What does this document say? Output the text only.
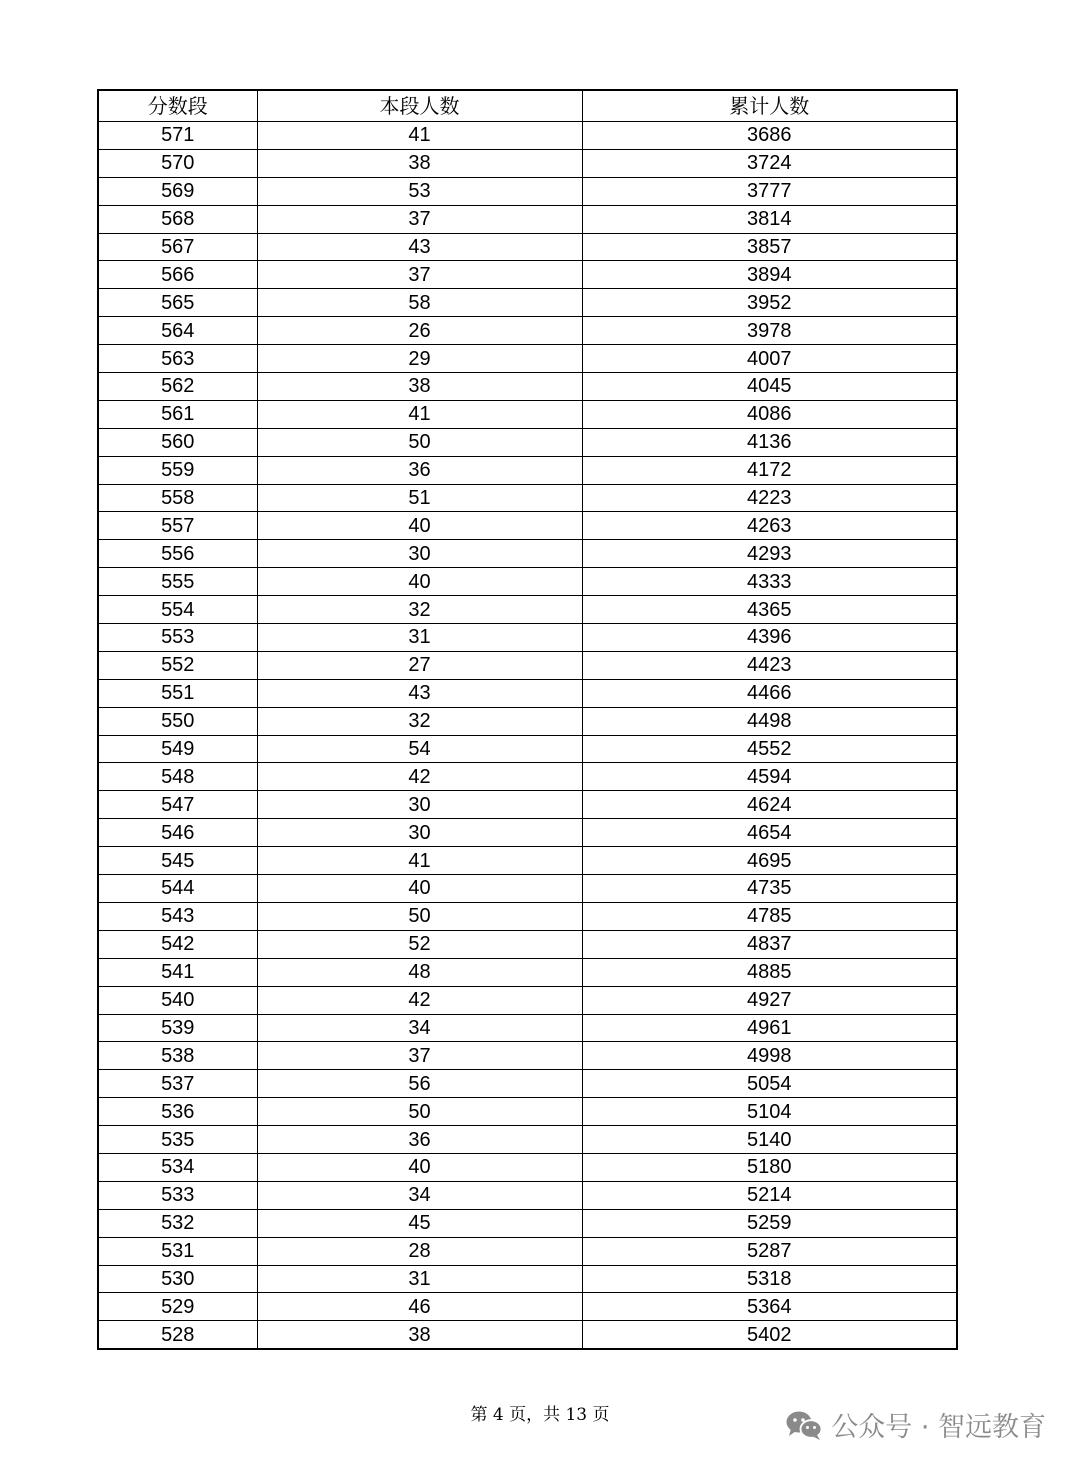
分数段	本段人数	累计人数
571	41	3686
570	38	3724
569	53	3777
568	37	3814
567	43	3857
566	37	3894
565	58	3952
564	26	3978
563	29	4007
562	38	4045
561	41	4086
560	50	4136
559	36	4172
558	51	4223
557	40	4263
556	30	4293
555	40	4333
554	32	4365
553	31	4396
552	27	4423
551	43	4466
550	32	4498
549	54	4552
548	42	4594
547	30	4624
546	30	4654
545	41	4695
544	40	4735
543	50	4785
542	52	4837
541	48	4885
540	42	4927
539	34	4961
538	37	4998
537	56	5054
536	50	5104
535	36	5140
534	40	5180
533	34	5214
532	45	5259
531	28	5287
530	31	5318
529	46	5364
528	38	5402
第 4 页，共 13 页	公众号 · 智远教育
